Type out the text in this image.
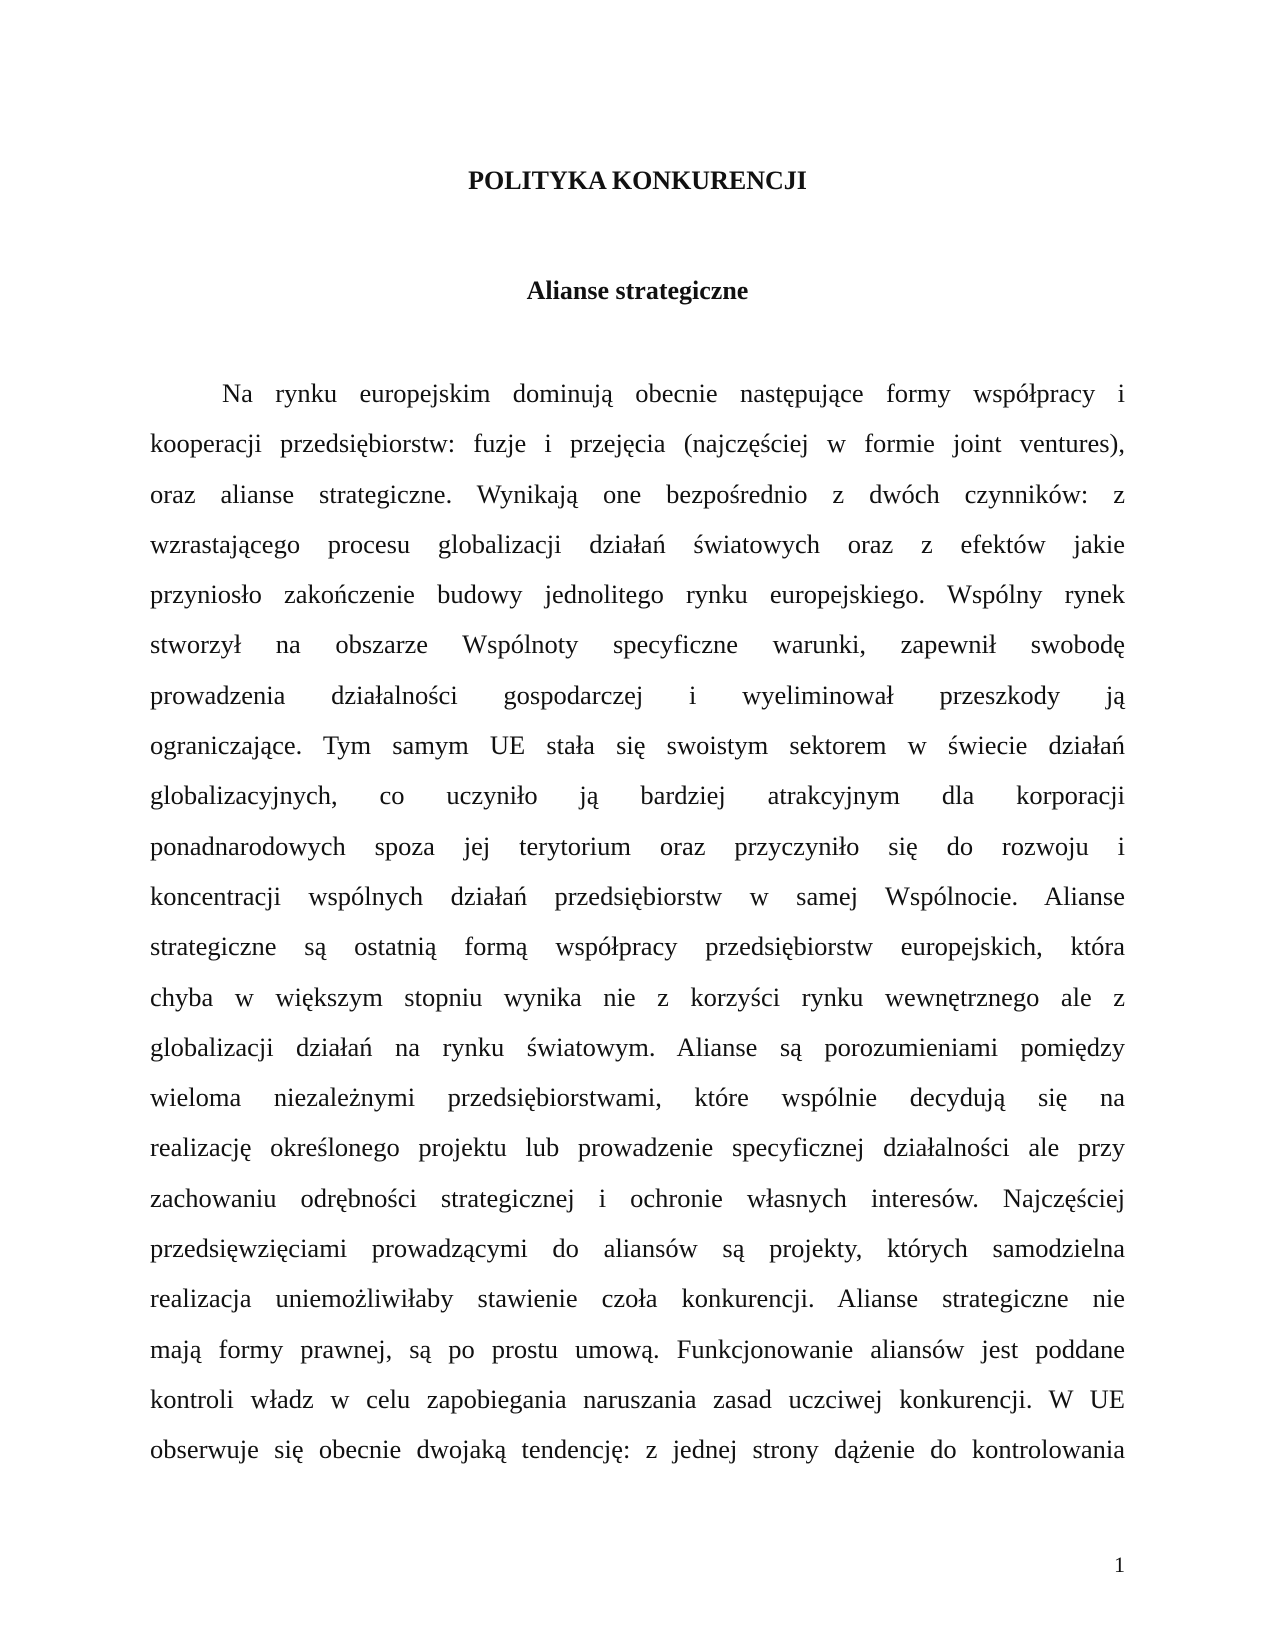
POLITYKA KONKURENCJI
Alianse strategiczne
Na rynku europejskim dominują obecnie następujące formy współpracy i
kooperacji przedsiębiorstw: fuzje i przejęcia (najczęściej w formie joint ventures),
oraz alianse strategiczne. Wynikają one bezpośrednio z dwóch czynników: z
wzrastającego procesu globalizacji działań światowych oraz z efektów jakie
przyniosło zakończenie budowy jednolitego rynku europejskiego. Wspólny rynek
stworzył na obszarze Wspólnoty specyficzne warunki, zapewnił swobodę
prowadzenia działalności gospodarczej i wyeliminował przeszkody ją
ograniczające. Tym samym UE stała się swoistym sektorem w świecie działań
globalizacyjnych, co uczyniło ją bardziej atrakcyjnym dla korporacji
ponadnarodowych spoza jej terytorium oraz przyczyniło się do rozwoju i
koncentracji wspólnych działań przedsiębiorstw w samej Wspólnocie. Alianse
strategiczne są ostatnią formą współpracy przedsiębiorstw europejskich, która
chyba w większym stopniu wynika nie z korzyści rynku wewnętrznego ale z
globalizacji działań na rynku światowym. Alianse są porozumieniami pomiędzy
wieloma niezależnymi przedsiębiorstwami, które wspólnie decydują się na
realizację określonego projektu lub prowadzenie specyficznej działalności ale przy
zachowaniu odrębności strategicznej i ochronie własnych interesów. Najczęściej
przedsięwzięciami prowadzącymi do aliansów są projekty, których samodzielna
realizacja uniemożliwiłaby stawienie czoła konkurencji. Alianse strategiczne nie
mają formy prawnej, są po prostu umową. Funkcjonowanie aliansów jest poddane
kontroli władz w celu zapobiegania naruszania zasad uczciwej konkurencji. W UE
obserwuje się obecnie dwojaką tendencję: z jednej strony dążenie do kontrolowania
1
